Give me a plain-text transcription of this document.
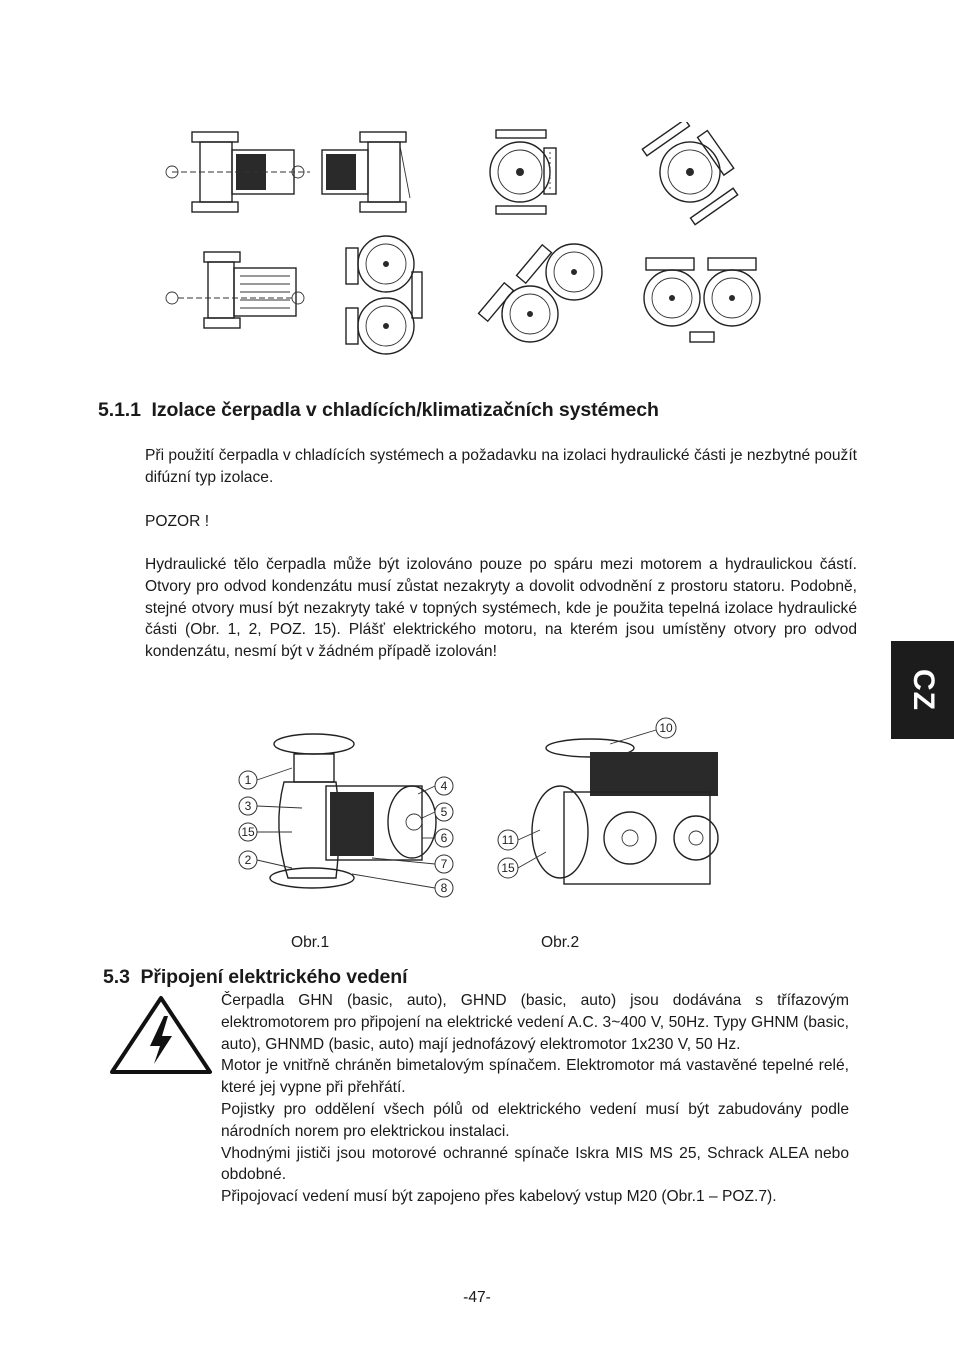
5.1.1 Izolace čerpadla v chladících/klimatizačních systémech

Při použití čerpadla v chladících systémech a požadavku na izolaci hydraulické části je nezbytné použít difúzní typ izolace.

POZOR !

Hydraulické tělo čerpadla může být izolováno pouze po spáru mezi motorem a hydraulickou částí. Otvory pro odvod kondenzátu musí zůstat nezakryty a dovolit odvodnění z prostoru statoru. Podobně, stejné otvory musí být nezakryty také v topných systémech, kde je použita tepelná izolace hydraulické části (Obr. 1, 2, POZ. 15). Plášť elektrického motoru, na kterém jsou umístěny otvory pro odvod kondenzátu, nesmí být v žádném případě izolován!

CZ
1
3
15
2
4
5
6
7
8
10
11
15
Obr.1	Obr.2
5.3 Připojení elektrického vedení

Čerpadla GHN (basic, auto), GHND (basic, auto) jsou dodávána s třífazovým elektromotorem pro připojení na elektrické vedení A.C. 3~400 V, 50Hz. Typy GHNM (basic, auto), GHNMD (basic, auto) mají jednofázový elektromotor 1x230 V, 50 Hz.

Motor je vnitřně chráněn bimetalovým spínačem. Elektromotor má vastavěné tepelné relé, které jej vypne při přehřátí.

Pojistky pro oddělení všech pólů od elektrického vedení musí být zabudovány podle národních norem pro elektrickou instalaci.

Vhodnými jističi jsou motorové ochranné spínače Iskra MIS MS 25, Schrack ALEA nebo obdobné.

Připojovací vedení musí být zapojeno přes kabelový vstup M20 (Obr.1 – POZ.7).

-47-
